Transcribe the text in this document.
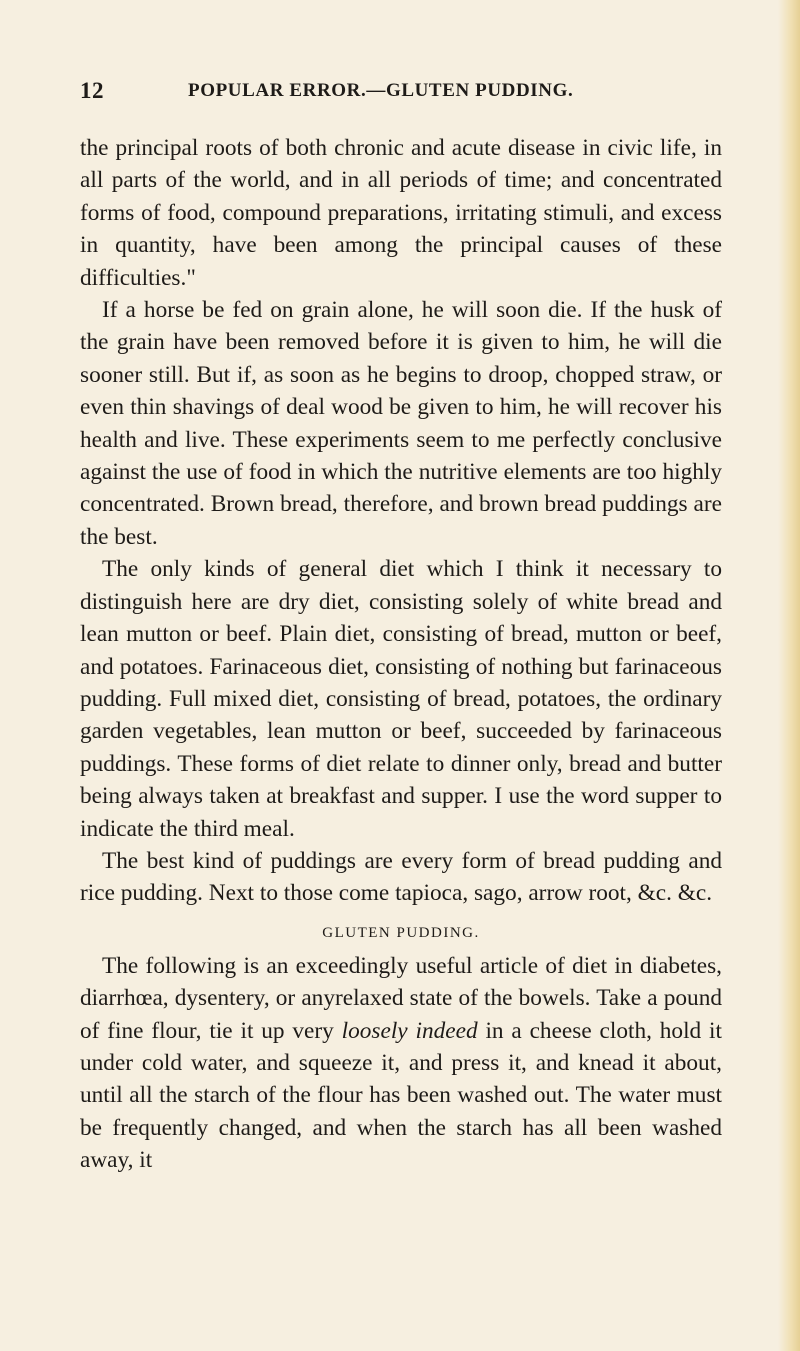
12	POPULAR ERROR.—GLUTEN PUDDING.

the principal roots of both chronic and acute disease in civic life, in all parts of the world, and in all periods of time; and concentrated forms of food, compound preparations, irritating stimuli, and excess in quantity, have been among the principal causes of these difficulties."

If a horse be fed on grain alone, he will soon die. If the husk of the grain have been removed before it is given to him, he will die sooner still. But if, as soon as he begins to droop, chopped straw, or even thin shavings of deal wood be given to him, he will recover his health and live. These experiments seem to me perfectly conclusive against the use of food in which the nutritive elements are too highly concentrated. Brown bread, therefore, and brown bread puddings are the best.

The only kinds of general diet which I think it necessary to distinguish here are dry diet, consisting solely of white bread and lean mutton or beef. Plain diet, consisting of bread, mutton or beef, and potatoes. Farinaceous diet, consisting of nothing but farinaceous pudding. Full mixed diet, consisting of bread, potatoes, the ordinary garden vegetables, lean mutton or beef, succeeded by farinaceous puddings. These forms of diet relate to dinner only, bread and butter being always taken at breakfast and supper. I use the word supper to indicate the third meal.

The best kind of puddings are every form of bread pudding and rice pudding. Next to those come tapioca, sago, arrow root, &c. &c.

GLUTEN PUDDING.

The following is an exceedingly useful article of diet in diabetes, diarrhœa, dysentery, or anyrelaxed state of the bowels. Take a pound of fine flour, tie it up very loosely indeed in a cheese cloth, hold it under cold water, and squeeze it, and press it, and knead it about, until all the starch of the flour has been washed out. The water must be frequently changed, and when the starch has all been washed away, it
